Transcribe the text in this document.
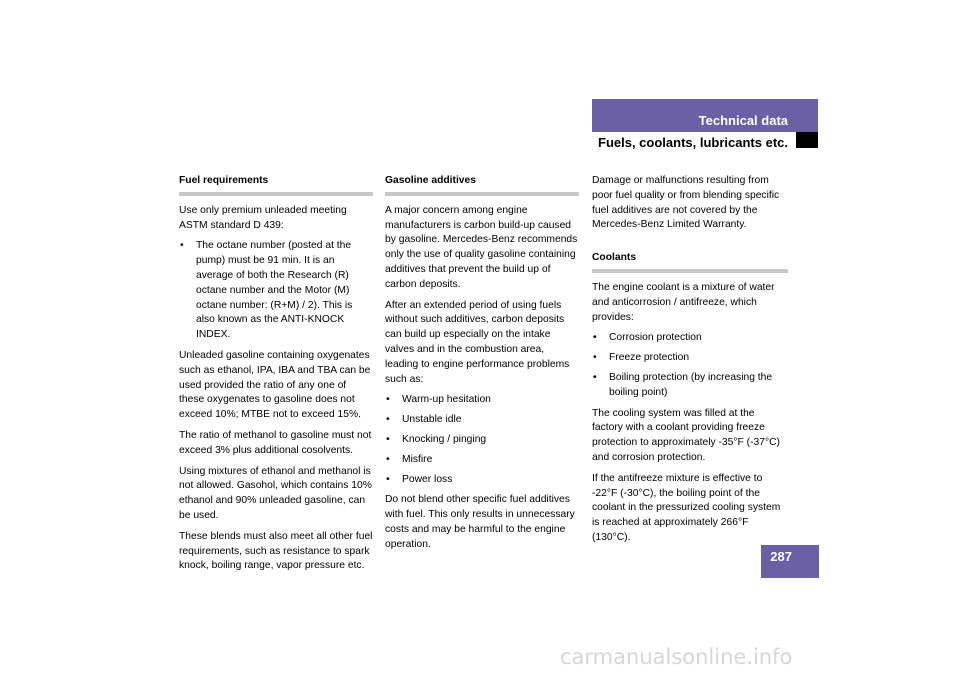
Technical data
Fuels, coolants, lubricants etc.
Fuel requirements

Use only premium unleaded meeting ASTM standard D 439:

• The octane number (posted at the pump) must be 91 min. It is an average of both the Research (R) octane number and the Motor (M) octane number: (R+M) / 2). This is also known as the ANTI-KNOCK INDEX.

Unleaded gasoline containing oxygenates such as ethanol, IPA, IBA and TBA can be used provided the ratio of any one of these oxygenates to gasoline does not exceed 10%; MTBE not to exceed 15%.

The ratio of methanol to gasoline must not exceed 3% plus additional cosolvents.

Using mixtures of ethanol and methanol is not allowed. Gasohol, which contains 10% ethanol and 90% unleaded gasoline, can be used.

These blends must also meet all other fuel requirements, such as resistance to spark knock, boiling range, vapor pressure etc.

Gasoline additives

A major concern among engine manufacturers is carbon build-up caused by gasoline. Mercedes-Benz recommends only the use of quality gasoline containing additives that prevent the build up of carbon deposits.

After an extended period of using fuels without such additives, carbon deposits can build up especially on the intake valves and in the combustion area, leading to engine performance problems such as:

• Warm-up hesitation
• Unstable idle
• Knocking / pinging
• Misfire
• Power loss

Do not blend other specific fuel additives with fuel. This only results in unnecessary costs and may be harmful to the engine operation.

Damage or malfunctions resulting from poor fuel quality or from blending specific fuel additives are not covered by the Mercedes-Benz Limited Warranty.

Coolants

The engine coolant is a mixture of water and anticorrosion / antifreeze, which provides:

• Corrosion protection
• Freeze protection
• Boiling protection (by increasing the boiling point)

The cooling system was filled at the factory with a coolant providing freeze protection to approximately -35°F (-37°C) and corrosion protection.

If the antifreeze mixture is effective to -22°F (-30°C), the boiling point of the coolant in the pressurized cooling system is reached at approximately 266°F (130°C).

287
carmanualsonline.info
